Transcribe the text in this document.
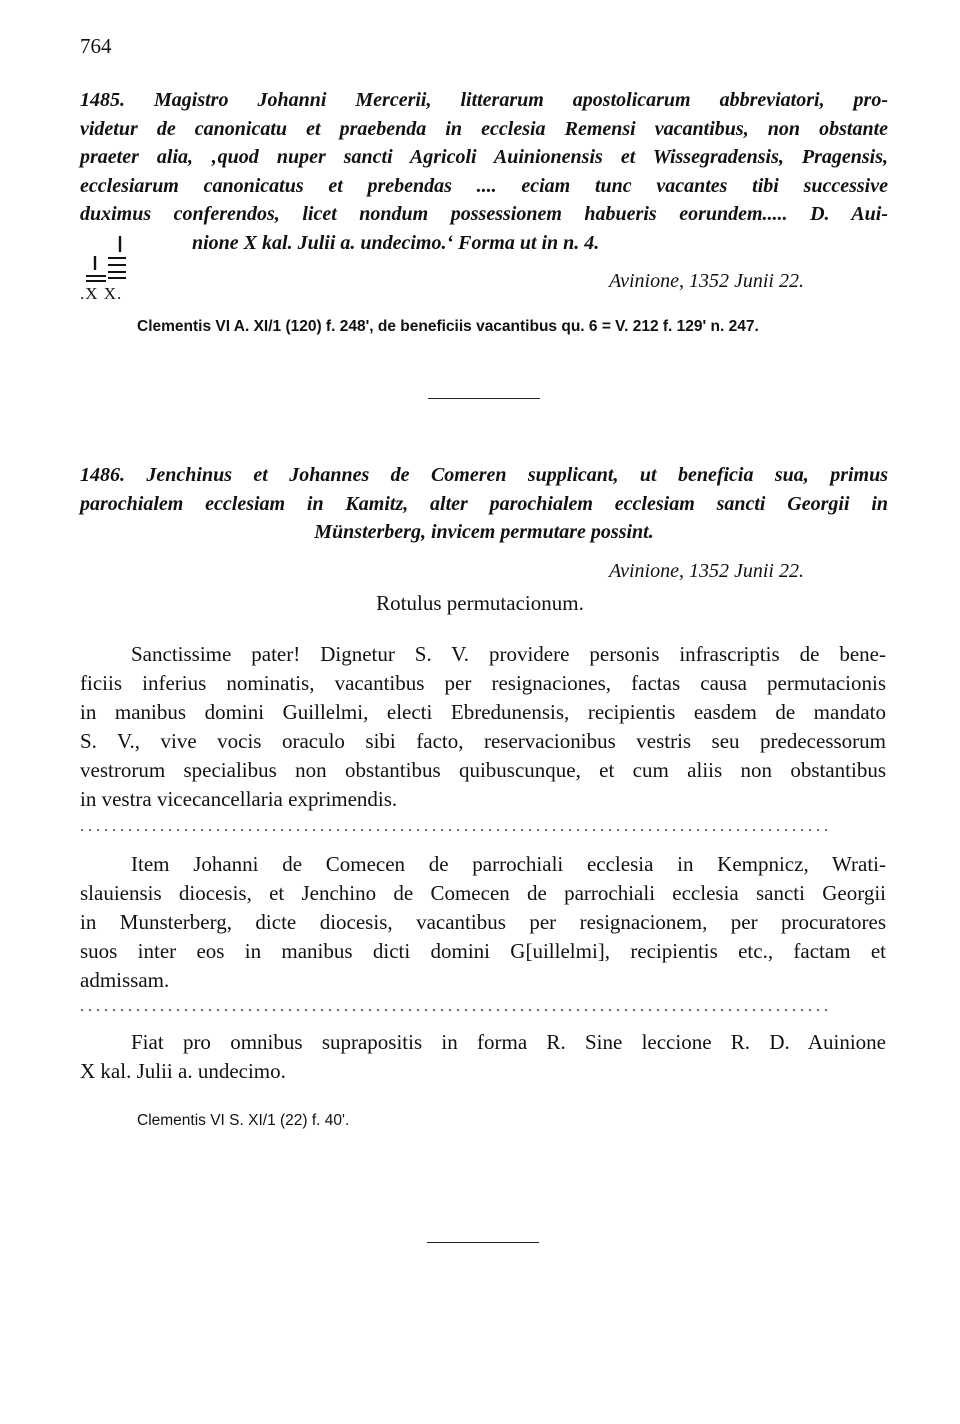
764
1485. Magistro Johanni Mercerii, litterarum apostolicarum abbreviatori, pro-
videtur de canonicatu et praebenda in ecclesia Remensi vacantibus, non obstante
praeter alia, ‚quod nuper sancti Agricoli Auinionensis et Wissegradensis, Pragensis,
ecclesiarum canonicatus et prebendas .... eciam tunc vacantes tibi successive
duximus conferendos, licet nondum possessionem habueris eorundem..... D. Aui-
nione X kal. Julii a. undecimo.‘ Forma ut in n. 4.
.X X.
Avinione, 1352 Junii 22.
Clementis VI A. XI/1 (120) f. 248', de beneficiis vacantibus qu. 6 = V. 212 f. 129' n. 247.
1486. Jenchinus et Johannes de Comeren supplicant, ut beneficia sua, primus
parochialem ecclesiam in Kamitz, alter parochialem ecclesiam sancti Georgii in
Münsterberg, invicem permutare possint.
Avinione, 1352 Junii 22.
Rotulus permutacionum.
Sanctissime pater! Dignetur S. V. providere personis infrascriptis de bene-
ficiis inferius nominatis, vacantibus per resignaciones, factas causa permutacionis
in manibus domini Guillelmi, electi Ebredunensis, recipientis easdem de mandato
S. V., vive vocis oraculo sibi facto, reservacionibus vestris seu predecessorum
vestrorum specialibus non obstantibus quibuscunque, et cum aliis non obstantibus
in vestra vicecancellaria exprimendis.
. . . . . . . . . . . . . . . . . . . . . . . . . . . . . . . . . . . . . . . . . . . . . . . . . . . . . . . . . . . . . . . . . . . . . . . . . . . . . . . . . . . . . . . . . . . . . .
Item Johanni de Comecen de parrochiali ecclesia in Kempnicz, Wrati-
slauiensis diocesis, et Jenchino de Comecen de parrochiali ecclesia sancti Georgii
in Munsterberg, dicte diocesis, vacantibus per resignacionem, per procuratores
suos inter eos in manibus dicti domini G[uillelmi], recipientis etc., factam et
admissam.
. . . . . . . . . . . . . . . . . . . . . . . . . . . . . . . . . . . . . . . . . . . . . . . . . . . . . . . . . . . . . . . . . . . . . . . . . . . . . . . . . . . . . . . . . . . . . .
Fiat pro omnibus suprapositis in forma R. Sine leccione R. D. Auinione
X kal. Julii a. undecimo.
Clementis VI S. XI/1 (22) f. 40'.
